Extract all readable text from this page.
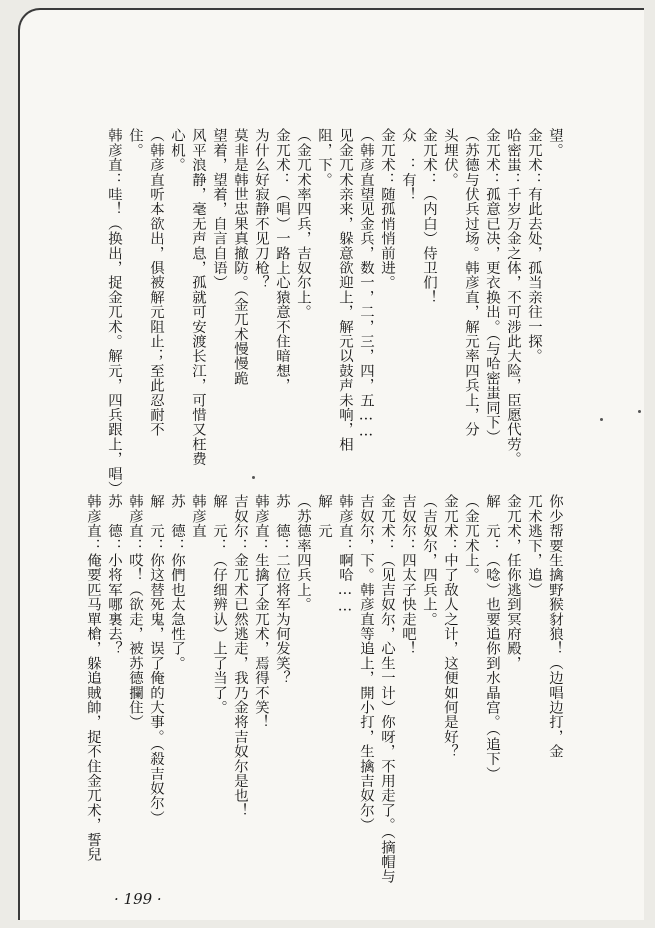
望。
金兀术：有此去处，孤当亲往一探。
哈密蚩：千岁万金之体，不可涉此大险，臣愿代劳。
金兀术：孤意已决，更衣换出。（与哈密蚩同下）
（苏德与伏兵过场。韩彦直，解元率四兵上，分
头埋伏。
金兀术：（内白）侍卫们！
众　：有！
金兀术：随孤悄悄前进。
（韩彦直望见金兵，数一，二，三，四，五……
见金兀术亲来，躲意欲迎上，解元以鼓声未响，相
阻，下。
（金兀术率四兵，吉奴尔上。
金兀术：（唱）一路上心猿意不住暗想，
为什么好寂静不见刀枪？
莫非是韩世忠果真撤防。（金兀术慢慢跪
望着，望着，自言自语）
风平浪静，毫无声息，孤就可安渡长江，可惜又枉费
心机。
（韩彦直听本欲出，俱被解元阻止；至此忍耐不
住。
韩彦直：哇！（换出，捉金兀术。解元，四兵跟上，唱）
你少帮要生擒野猴豺狼！（边唱边打，金
兀术逃下，追）
金兀术，任你逃到冥府殿，
解　元：（唸）也要追你到水晶宫。（追下）
（金兀术上。
金兀术：中了敌人之计，这便如何是好？
（吉奴尔，四兵上。
吉奴尔：四太子快走吧！
金兀术：（见吉奴尔，心生一计）你呀，不用走了。（摘帽与
吉奴尔，下。韩彦直等追上，開小打，生擒吉奴尔）
韩彦直：啊哈……
解　元
（苏德率四兵上。
苏　德：二位将军为何发笑？
韩彦直：生擒了金兀术，焉得不笑！
吉奴尔：金兀术已然逃走，我乃金将吉奴尔是也！
解　元：（仔细辨认）上了当了。
韩彦直
苏　德：你們也太急性了。
解　元：你这替死鬼，误了俺的大事。（殺吉奴尔）
韩彦直：哎！（欲走，被苏德攔住）
苏　德：小将军哪裏去？
韩彦直：俺要匹马單槍，躲追賊帥，捉不住金兀术，誓兒
· 199 ·
